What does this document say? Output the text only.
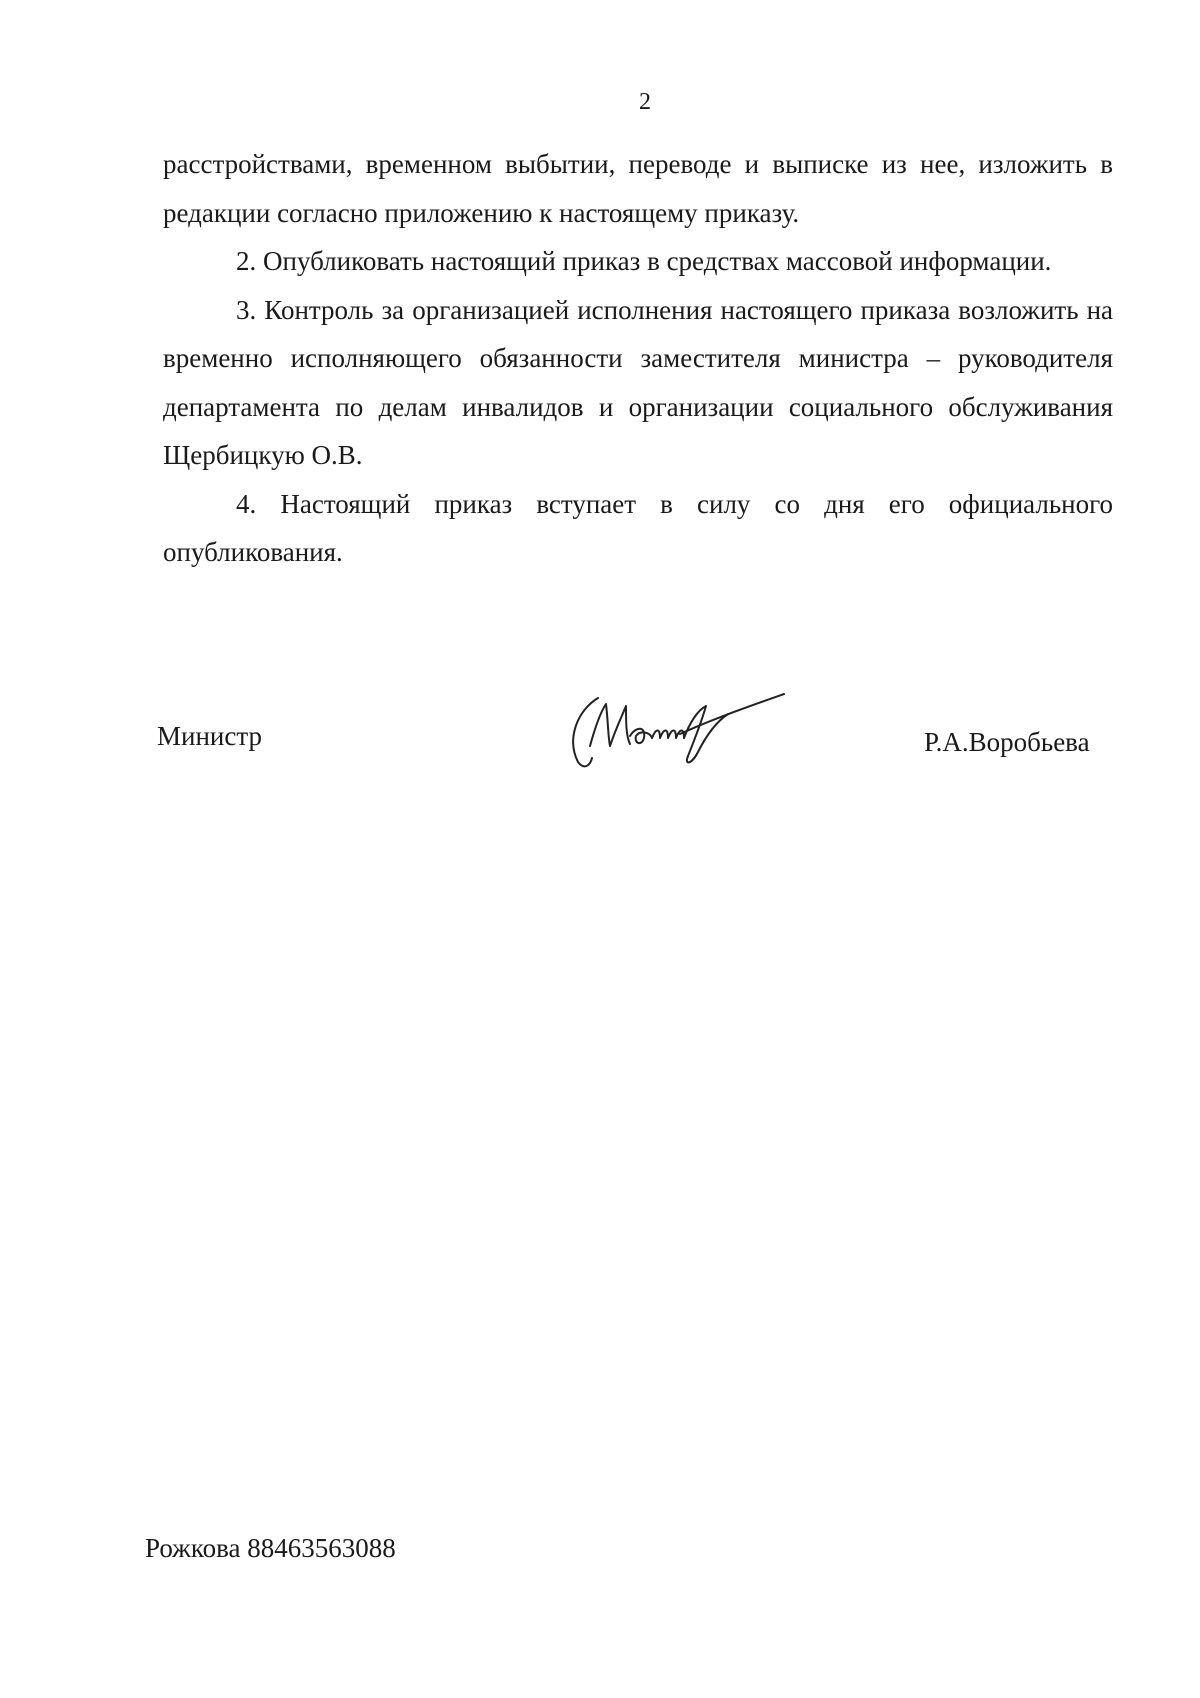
2

расстройствами, временном выбытии, переводе и выписке из нее, изложить в редакции согласно приложению к настоящему приказу.

2. Опубликовать настоящий приказ в средствах массовой информации.

3. Контроль за организацией исполнения настоящего приказа возложить на временно исполняющего обязанности заместителя министра – руководителя департамента по делам инвалидов и организации социального обслуживания Щербицкую О.В.

4. Настоящий приказ вступает в силу со дня его официального опубликования.

Министр	Р.А.Воробьева
Рожкова 88463563088
